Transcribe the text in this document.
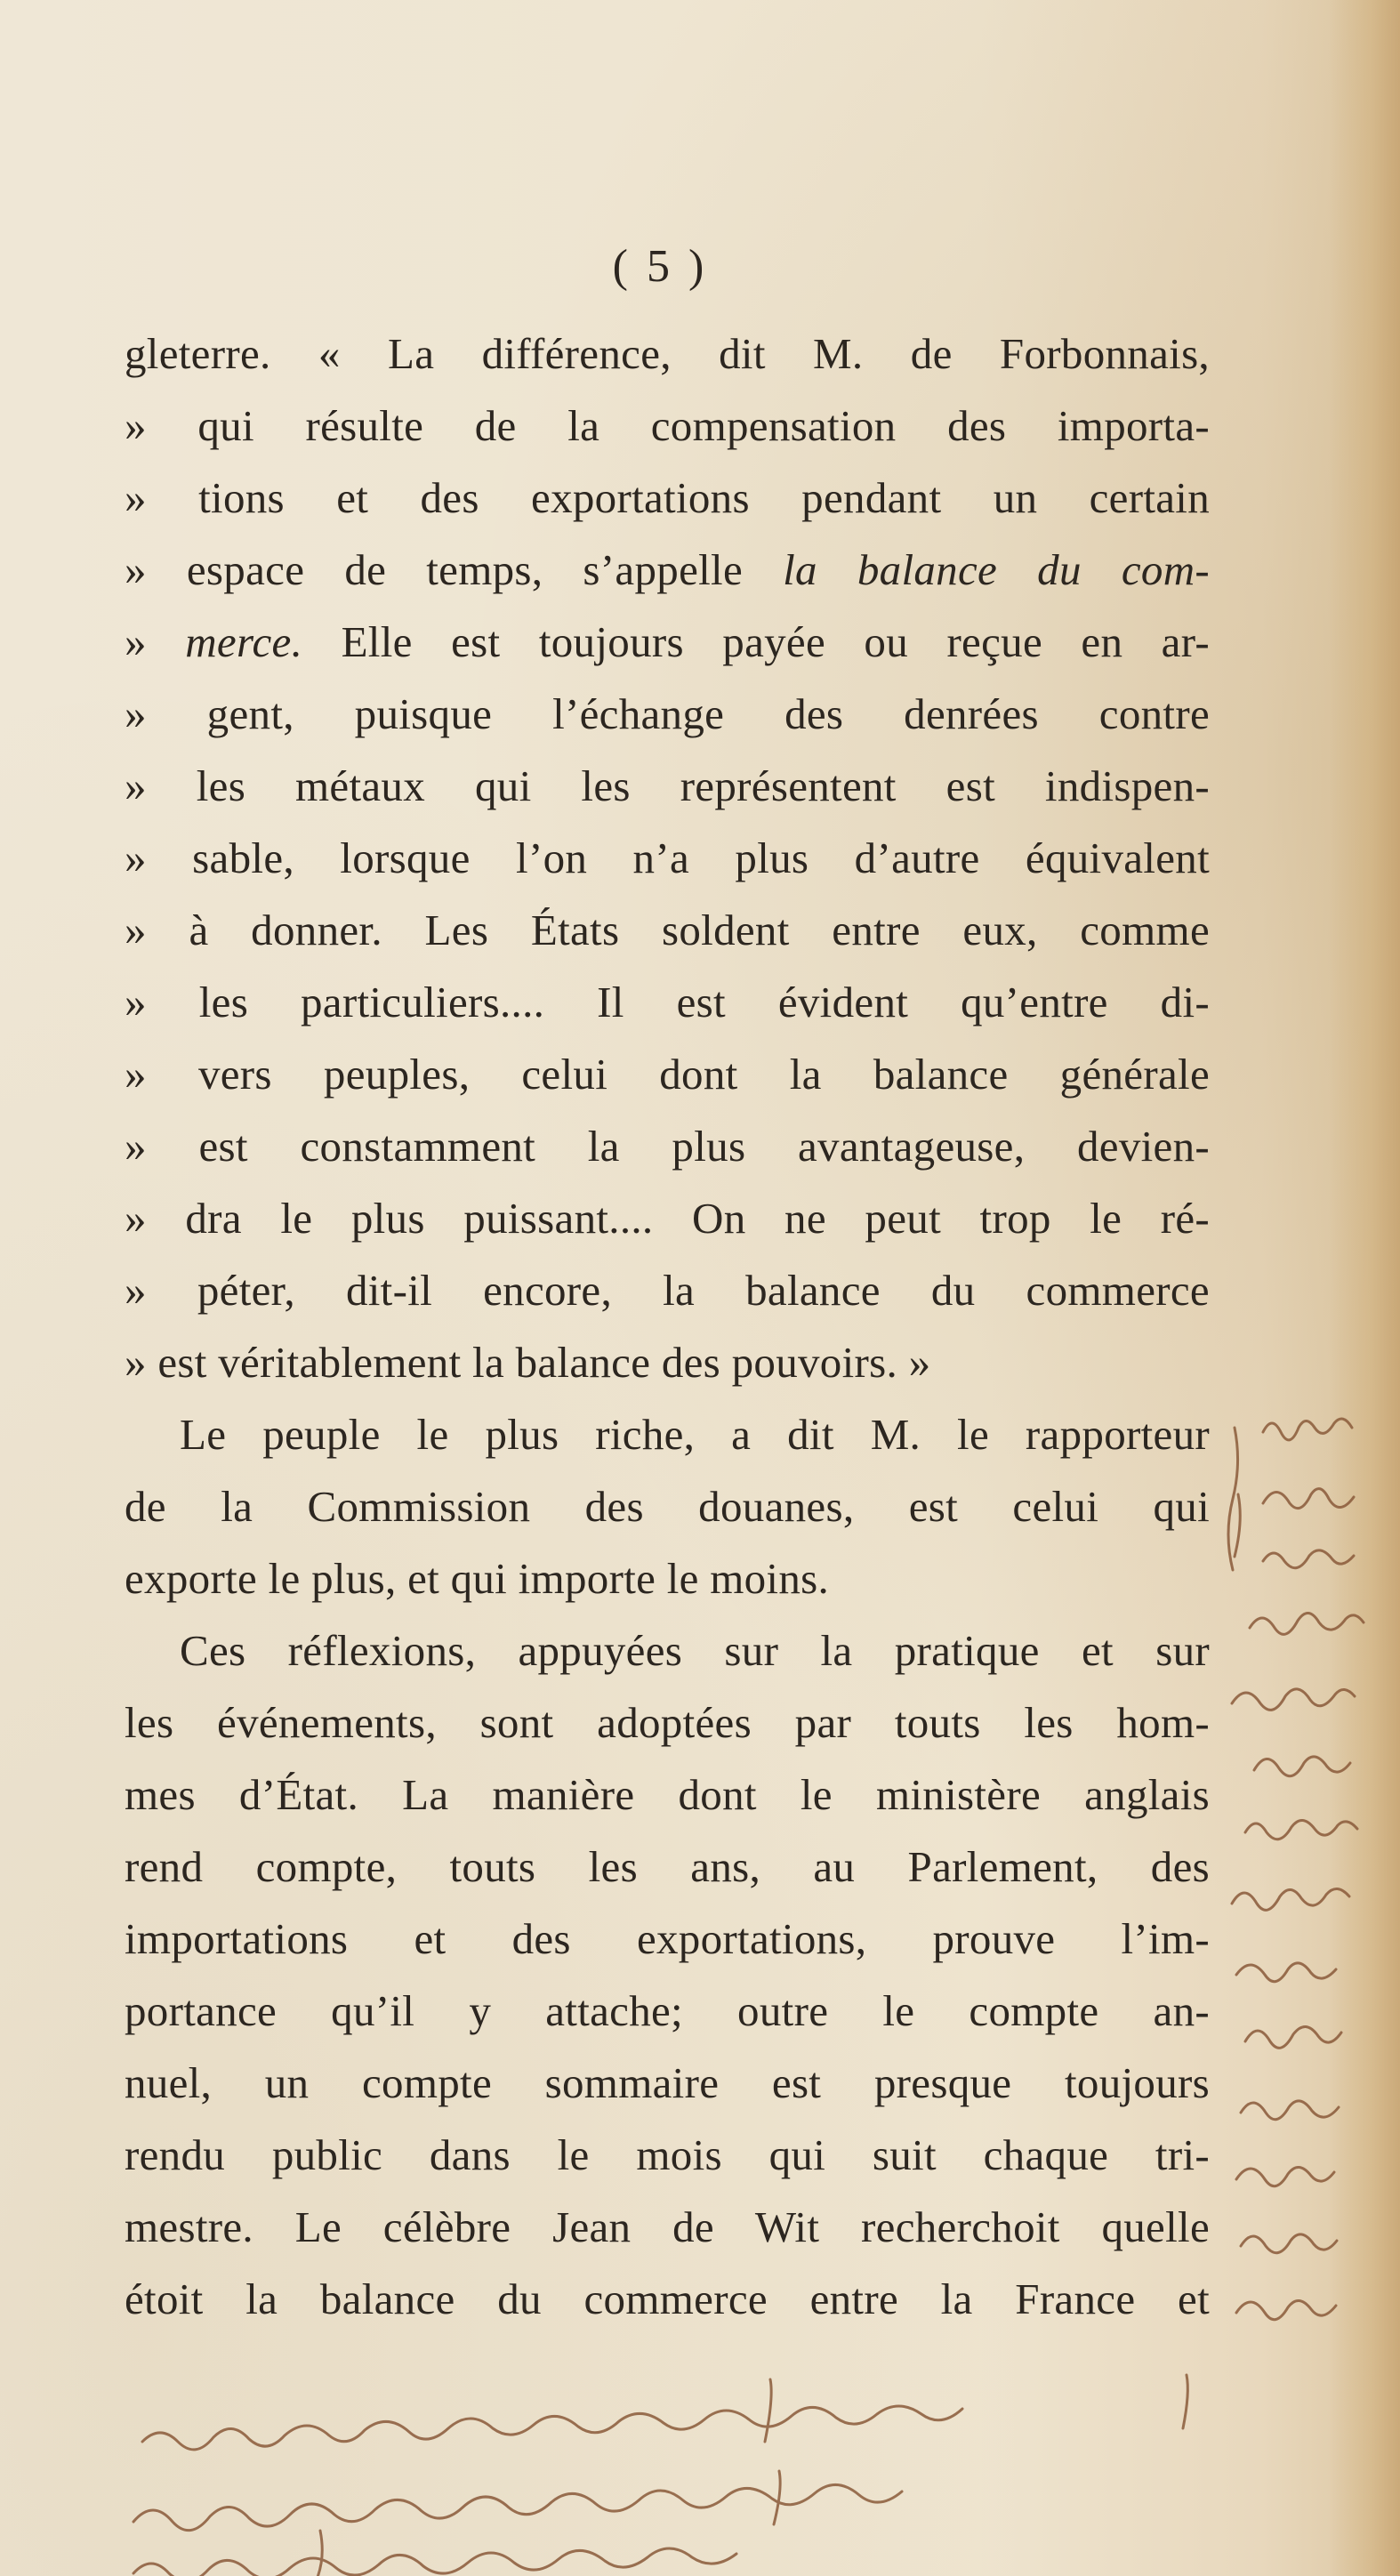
( 5 )
gleterre. « La différence, dit M. de Forbonnais,
» qui résulte de la compensation des importa-
» tions et des exportations pendant un certain
» espace de temps, s’appelle la balance du com-
» merce. Elle est toujours payée ou reçue en ar-
» gent, puisque l’échange des denrées contre
» les métaux qui les représentent est indispen-
» sable, lorsque l’on n’a plus d’autre équivalent
» à donner. Les États soldent entre eux, comme
» les particuliers.... Il est évident qu’entre di-
» vers peuples, celui dont la balance générale
» est constamment la plus avantageuse, devien-
» dra le plus puissant.... On ne peut trop le ré-
» péter, dit-il encore, la balance du commerce
» est véritablement la balance des pouvoirs. »
Le peuple le plus riche, a dit M. le rapporteur
de la Commission des douanes, est celui qui
exporte le plus, et qui importe le moins.
Ces réflexions, appuyées sur la pratique et sur
les événements, sont adoptées par touts les hom-
mes d’État. La manière dont le ministère anglais
rend compte, touts les ans, au Parlement, des
importations et des exportations, prouve l’im-
portance qu’il y attache; outre le compte an-
nuel, un compte sommaire est presque toujours
rendu public dans le mois qui suit chaque tri-
mestre. Le célèbre Jean de Wit recherchoit quelle
étoit la balance du commerce entre la France et
